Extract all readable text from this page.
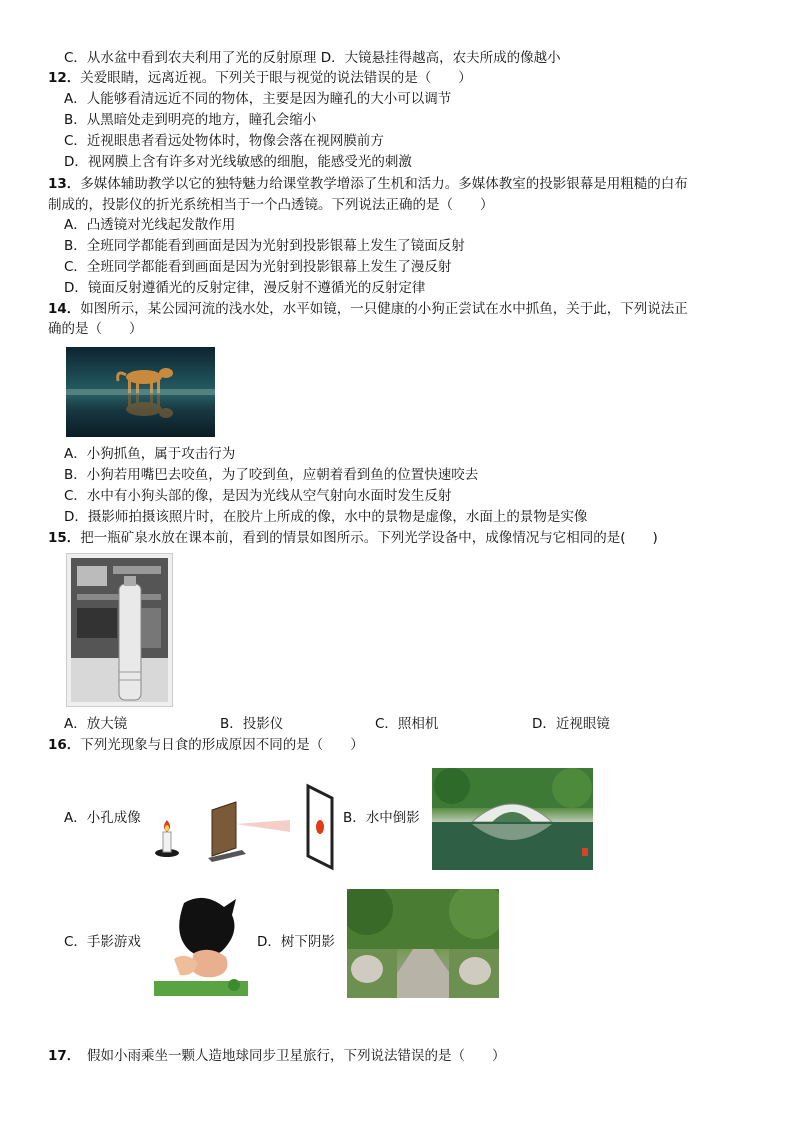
C．从水盆中看到农夫利用了光的反射原理 D．大镜悬挂得越高，农夫所成的像越小
12．关爱眼睛，远离近视。下列关于眼与视觉的说法错误的是（　　）
A．人能够看清远近不同的物体，主要是因为瞳孔的大小可以调节
B．从黑暗处走到明亮的地方，瞳孔会缩小
C．近视眼患者看远处物体时，物像会落在视网膜前方
D．视网膜上含有许多对光线敏感的细胞，能感受光的刺激
13．多媒体辅助教学以它的独特魅力给课堂教学增添了生机和活力。多媒体教室的投影银幕是用粗糙的白布
制成的，投影仪的折光系统相当于一个凸透镜。下列说法正确的是（　　）
A．凸透镜对光线起发散作用
B．全班同学都能看到画面是因为光射到投影银幕上发生了镜面反射
C．全班同学都能看到画面是因为光射到投影银幕上发生了漫反射
D．镜面反射遵循光的反射定律，漫反射不遵循光的反射定律
14．如图所示，某公园河流的浅水处，水平如镜，一只健康的小狗正尝试在水中抓鱼，关于此，下列说法正
确的是（　　）
A．小狗抓鱼，属于攻击行为
B．小狗若用嘴巴去咬鱼，为了咬到鱼，应朝着看到鱼的位置快速咬去
C．水中有小狗头部的像，是因为光线从空气射向水面时发生反射
D．摄影师拍摄该照片时，在胶片上所成的像，水中的景物是虚像，水面上的景物是实像
15．把一瓶矿泉水放在课本前，看到的情景如图所示。下列光学设备中，成像情况与它相同的是(　　)
A．放大镜	B．投影仪	C．照相机	D．近视眼镜
16．下列光现象与日食的形成原因不同的是（　　）
A．小孔成像	B．水中倒影
C．手影游戏	D．树下阴影
17．　假如小雨乘坐一颗人造地球同步卫星旅行，下列说法错误的是（　　）
